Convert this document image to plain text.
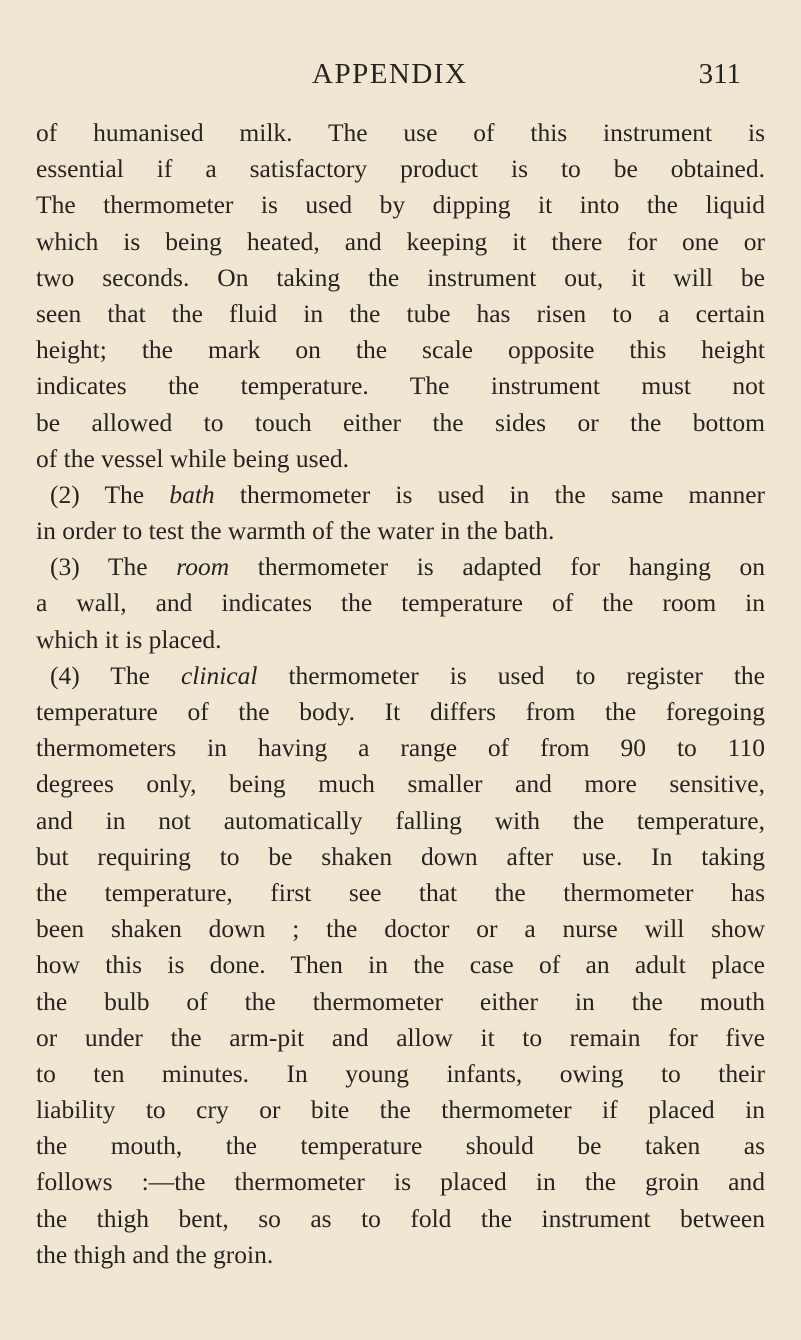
APPENDIX	311
of humanised milk. The use of this instrument is
essential if a satisfactory product is to be obtained.
The thermometer is used by dipping it into the liquid
which is being heated, and keeping it there for one or
two seconds. On taking the instrument out, it will be
seen that the fluid in the tube has risen to a certain
height; the mark on the scale opposite this height
indicates the temperature. The instrument must not
be allowed to touch either the sides or the bottom
of the vessel while being used.
(2) The bath thermometer is used in the same manner
in order to test the warmth of the water in the bath.
(3) The room thermometer is adapted for hanging on
a wall, and indicates the temperature of the room in
which it is placed.
(4) The clinical thermometer is used to register the
temperature of the body. It differs from the foregoing
thermometers in having a range of from 90 to 110
degrees only, being much smaller and more sensitive,
and in not automatically falling with the temperature,
but requiring to be shaken down after use. In taking
the temperature, first see that the thermometer has
been shaken down ; the doctor or a nurse will show
how this is done. Then in the case of an adult place
the bulb of the thermometer either in the mouth
or under the arm-pit and allow it to remain for five
to ten minutes. In young infants, owing to their
liability to cry or bite the thermometer if placed in
the mouth, the temperature should be taken as
follows :—the thermometer is placed in the groin and
the thigh bent, so as to fold the instrument between
the thigh and the groin.
